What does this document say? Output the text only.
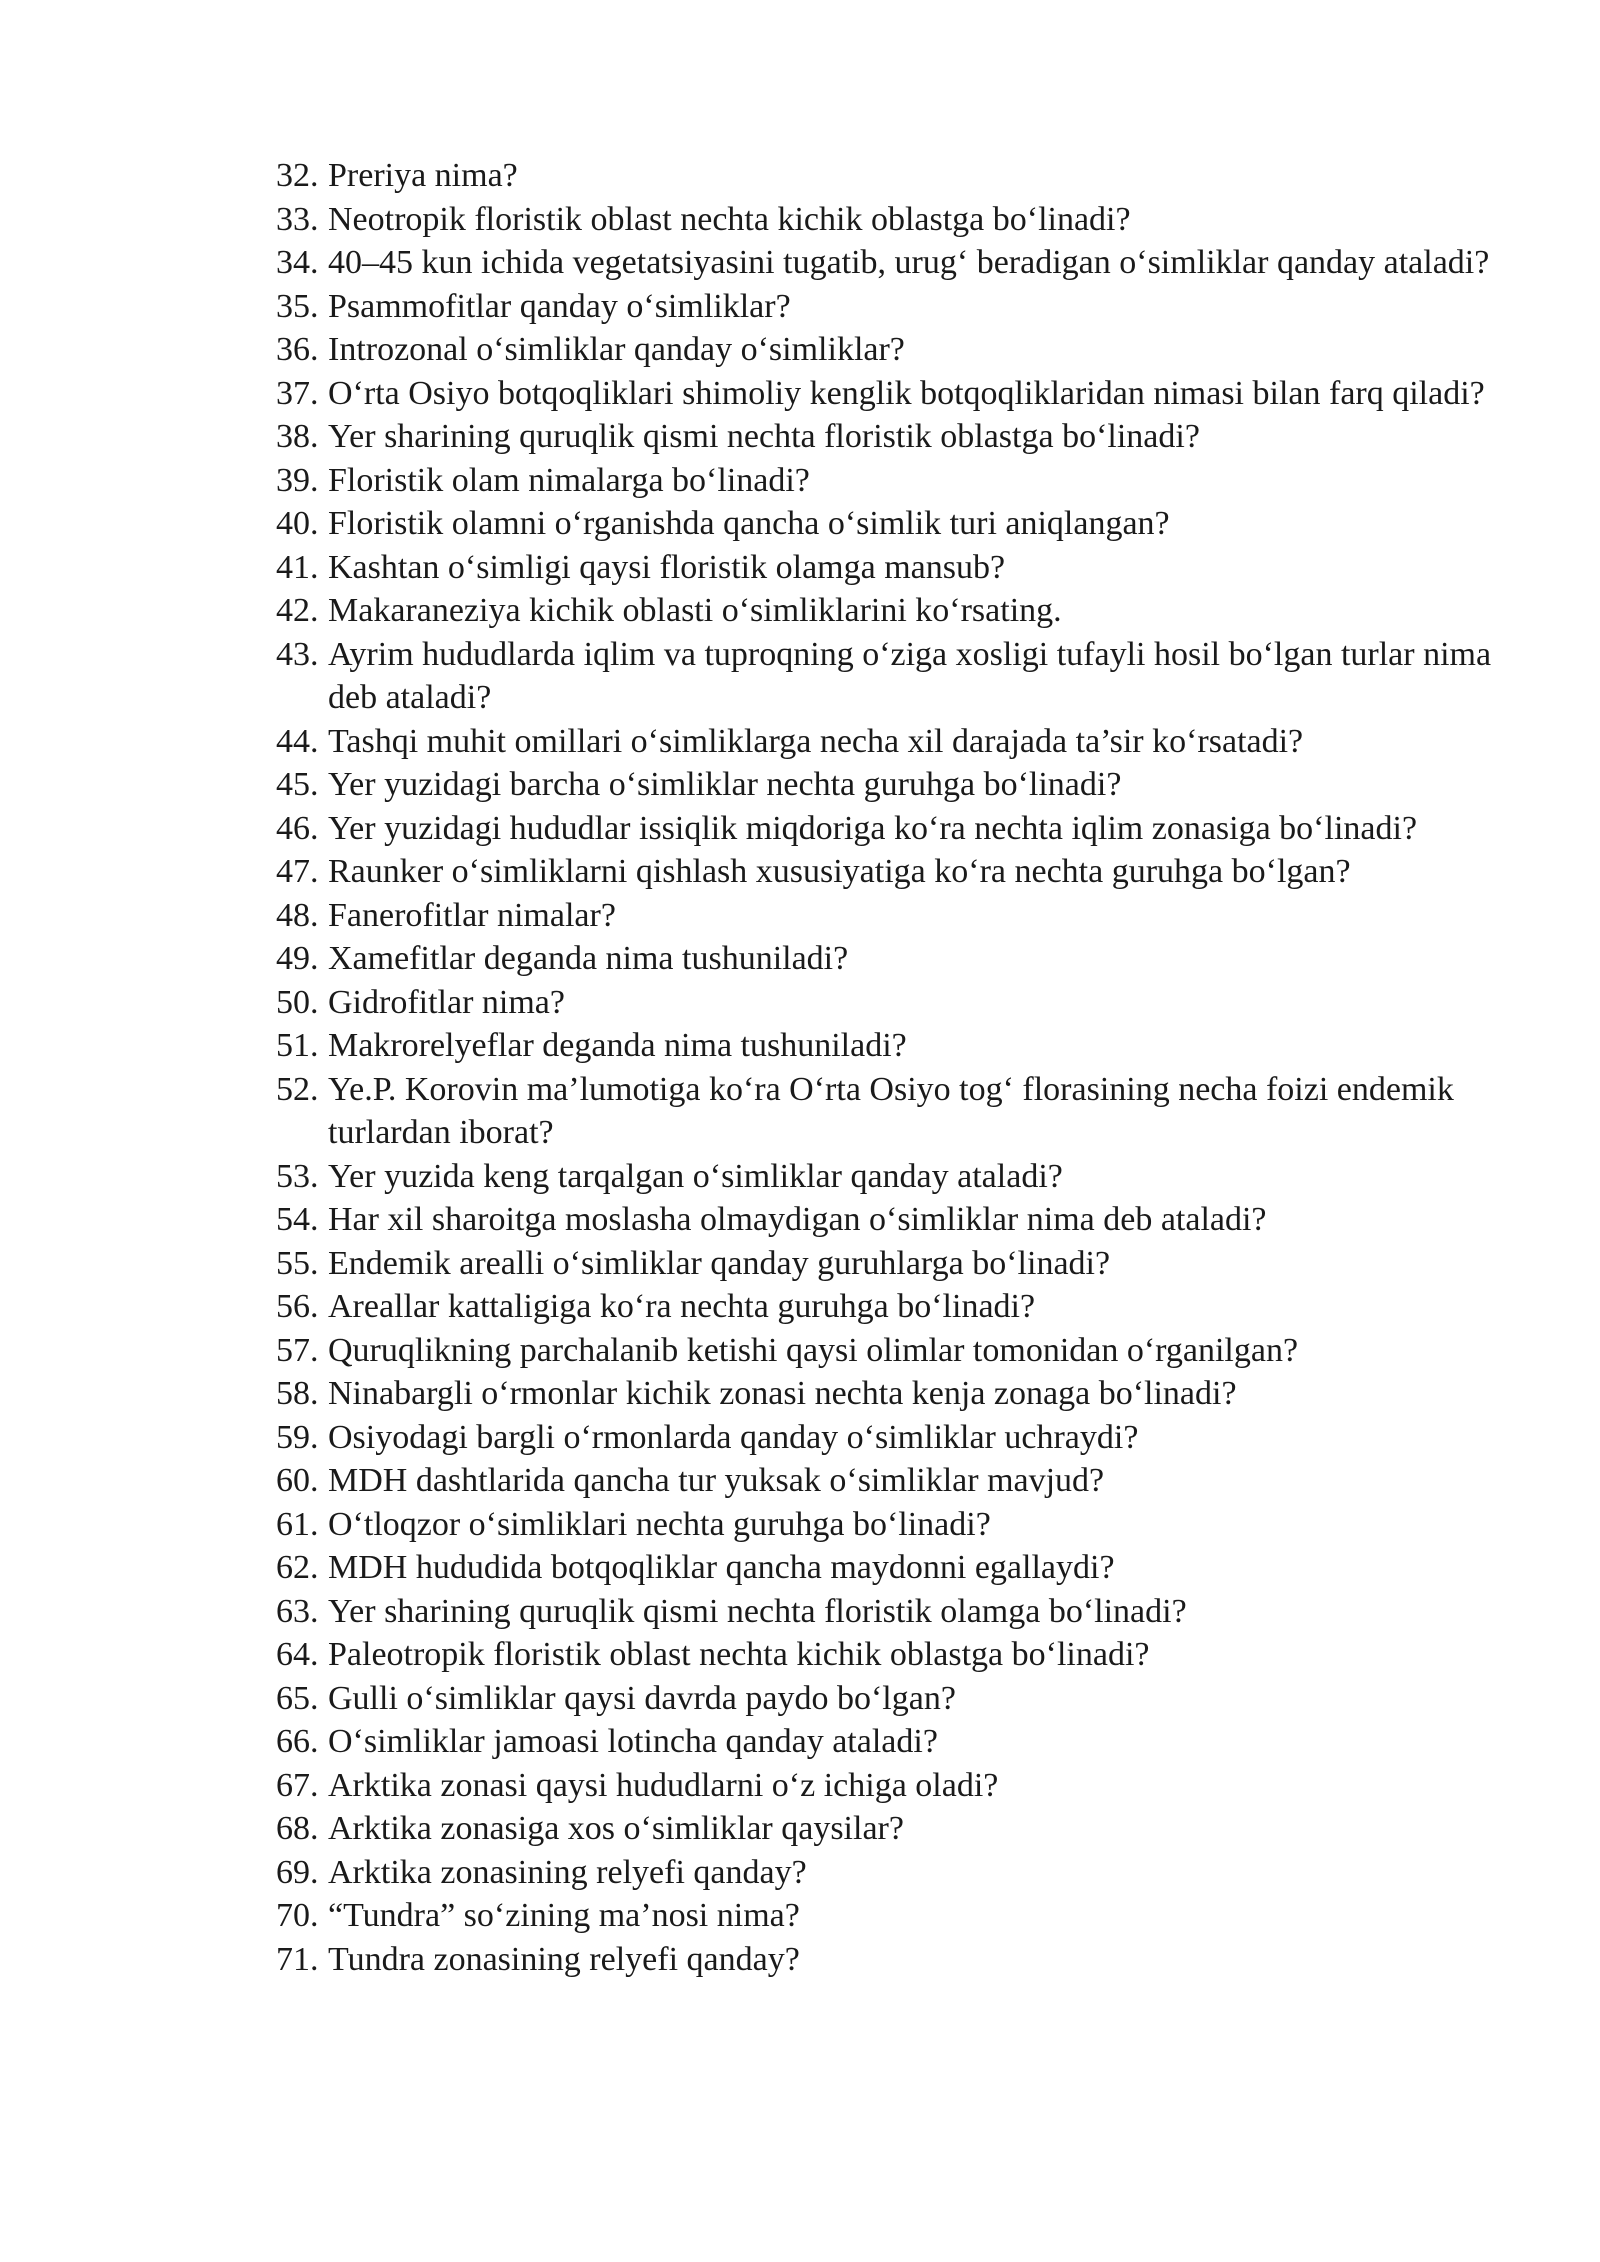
32. Preriya nima?
33. Neotropik floristik oblast nechta kichik oblastga bo‘linadi?
34. 40–45 kun ichida vegetatsiyasini tugatib, urug‘ beradigan o‘simliklar qanday ataladi?
35. Psammofitlar qanday o‘simliklar?
36. Introzonal o‘simliklar qanday o‘simliklar?
37. O‘rta Osiyo botqoqliklari shimoliy kenglik botqoqliklaridan nimasi bilan farq qiladi?
38. Yer sharining quruqlik qismi nechta floristik oblastga bo‘linadi?
39. Floristik olam nimalarga bo‘linadi?
40. Floristik olamni o‘rganishda qancha o‘simlik turi aniqlangan?
41. Kashtan o‘simligi qaysi floristik olamga mansub?
42. Makaraneziya kichik oblasti o‘simliklarini ko‘rsating.
43. Ayrim hududlarda iqlim va tuproqning o‘ziga xosligi tufayli hosil bo‘lgan turlar nima deb ataladi?
44. Tashqi muhit omillari o‘simliklarga necha xil darajada ta’sir ko‘rsatadi?
45. Yer yuzidagi barcha o‘simliklar nechta guruhga bo‘linadi?
46. Yer yuzidagi hududlar issiqlik miqdoriga ko‘ra nechta iqlim zonasiga bo‘linadi?
47. Raunker o‘simliklarni qishlash xususiyatiga ko‘ra nechta guruhga bo‘lgan?
48. Fanerofitlar nimalar?
49. Xamefitlar deganda nima tushuniladi?
50. Gidrofitlar nima?
51. Makrorelyeflar deganda nima tushuniladi?
52. Ye.P. Korovin ma’lumotiga ko‘ra O‘rta Osiyo tog‘ florasining necha foizi endemik turlardan iborat?
53. Yer yuzida keng tarqalgan o‘simliklar qanday ataladi?
54. Har xil sharoitga moslasha olmaydigan o‘simliklar nima deb ataladi?
55. Endemik arealli o‘simliklar qanday guruhlarga bo‘linadi?
56. Areallar kattaligiga ko‘ra nechta guruhga bo‘linadi?
57. Quruqlikning parchalanib ketishi qaysi olimlar tomonidan o‘rganilgan?
58. Ninabargli o‘rmonlar kichik zonasi nechta kenja zonaga bo‘linadi?
59. Osiyodagi bargli o‘rmonlarda qanday o‘simliklar uchraydi?
60. MDH dashtlarida qancha tur yuksak o‘simliklar mavjud?
61. O‘tloqzor o‘simliklari nechta guruhga bo‘linadi?
62. MDH hududida botqoqliklar qancha maydonni egallaydi?
63. Yer sharining quruqlik qismi nechta floristik olamga bo‘linadi?
64. Paleotropik floristik oblast nechta kichik oblastga bo‘linadi?
65. Gulli o‘simliklar qaysi davrda paydo bo‘lgan?
66. O‘simliklar jamoasi lotincha qanday ataladi?
67. Arktika zonasi qaysi hududlarni o‘z ichiga oladi?
68. Arktika zonasiga xos o‘simliklar qaysilar?
69. Arktika zonasining relyefi qanday?
70. “Tundra” so‘zining ma’nosi nima?
71. Tundra zonasining relyefi qanday?
